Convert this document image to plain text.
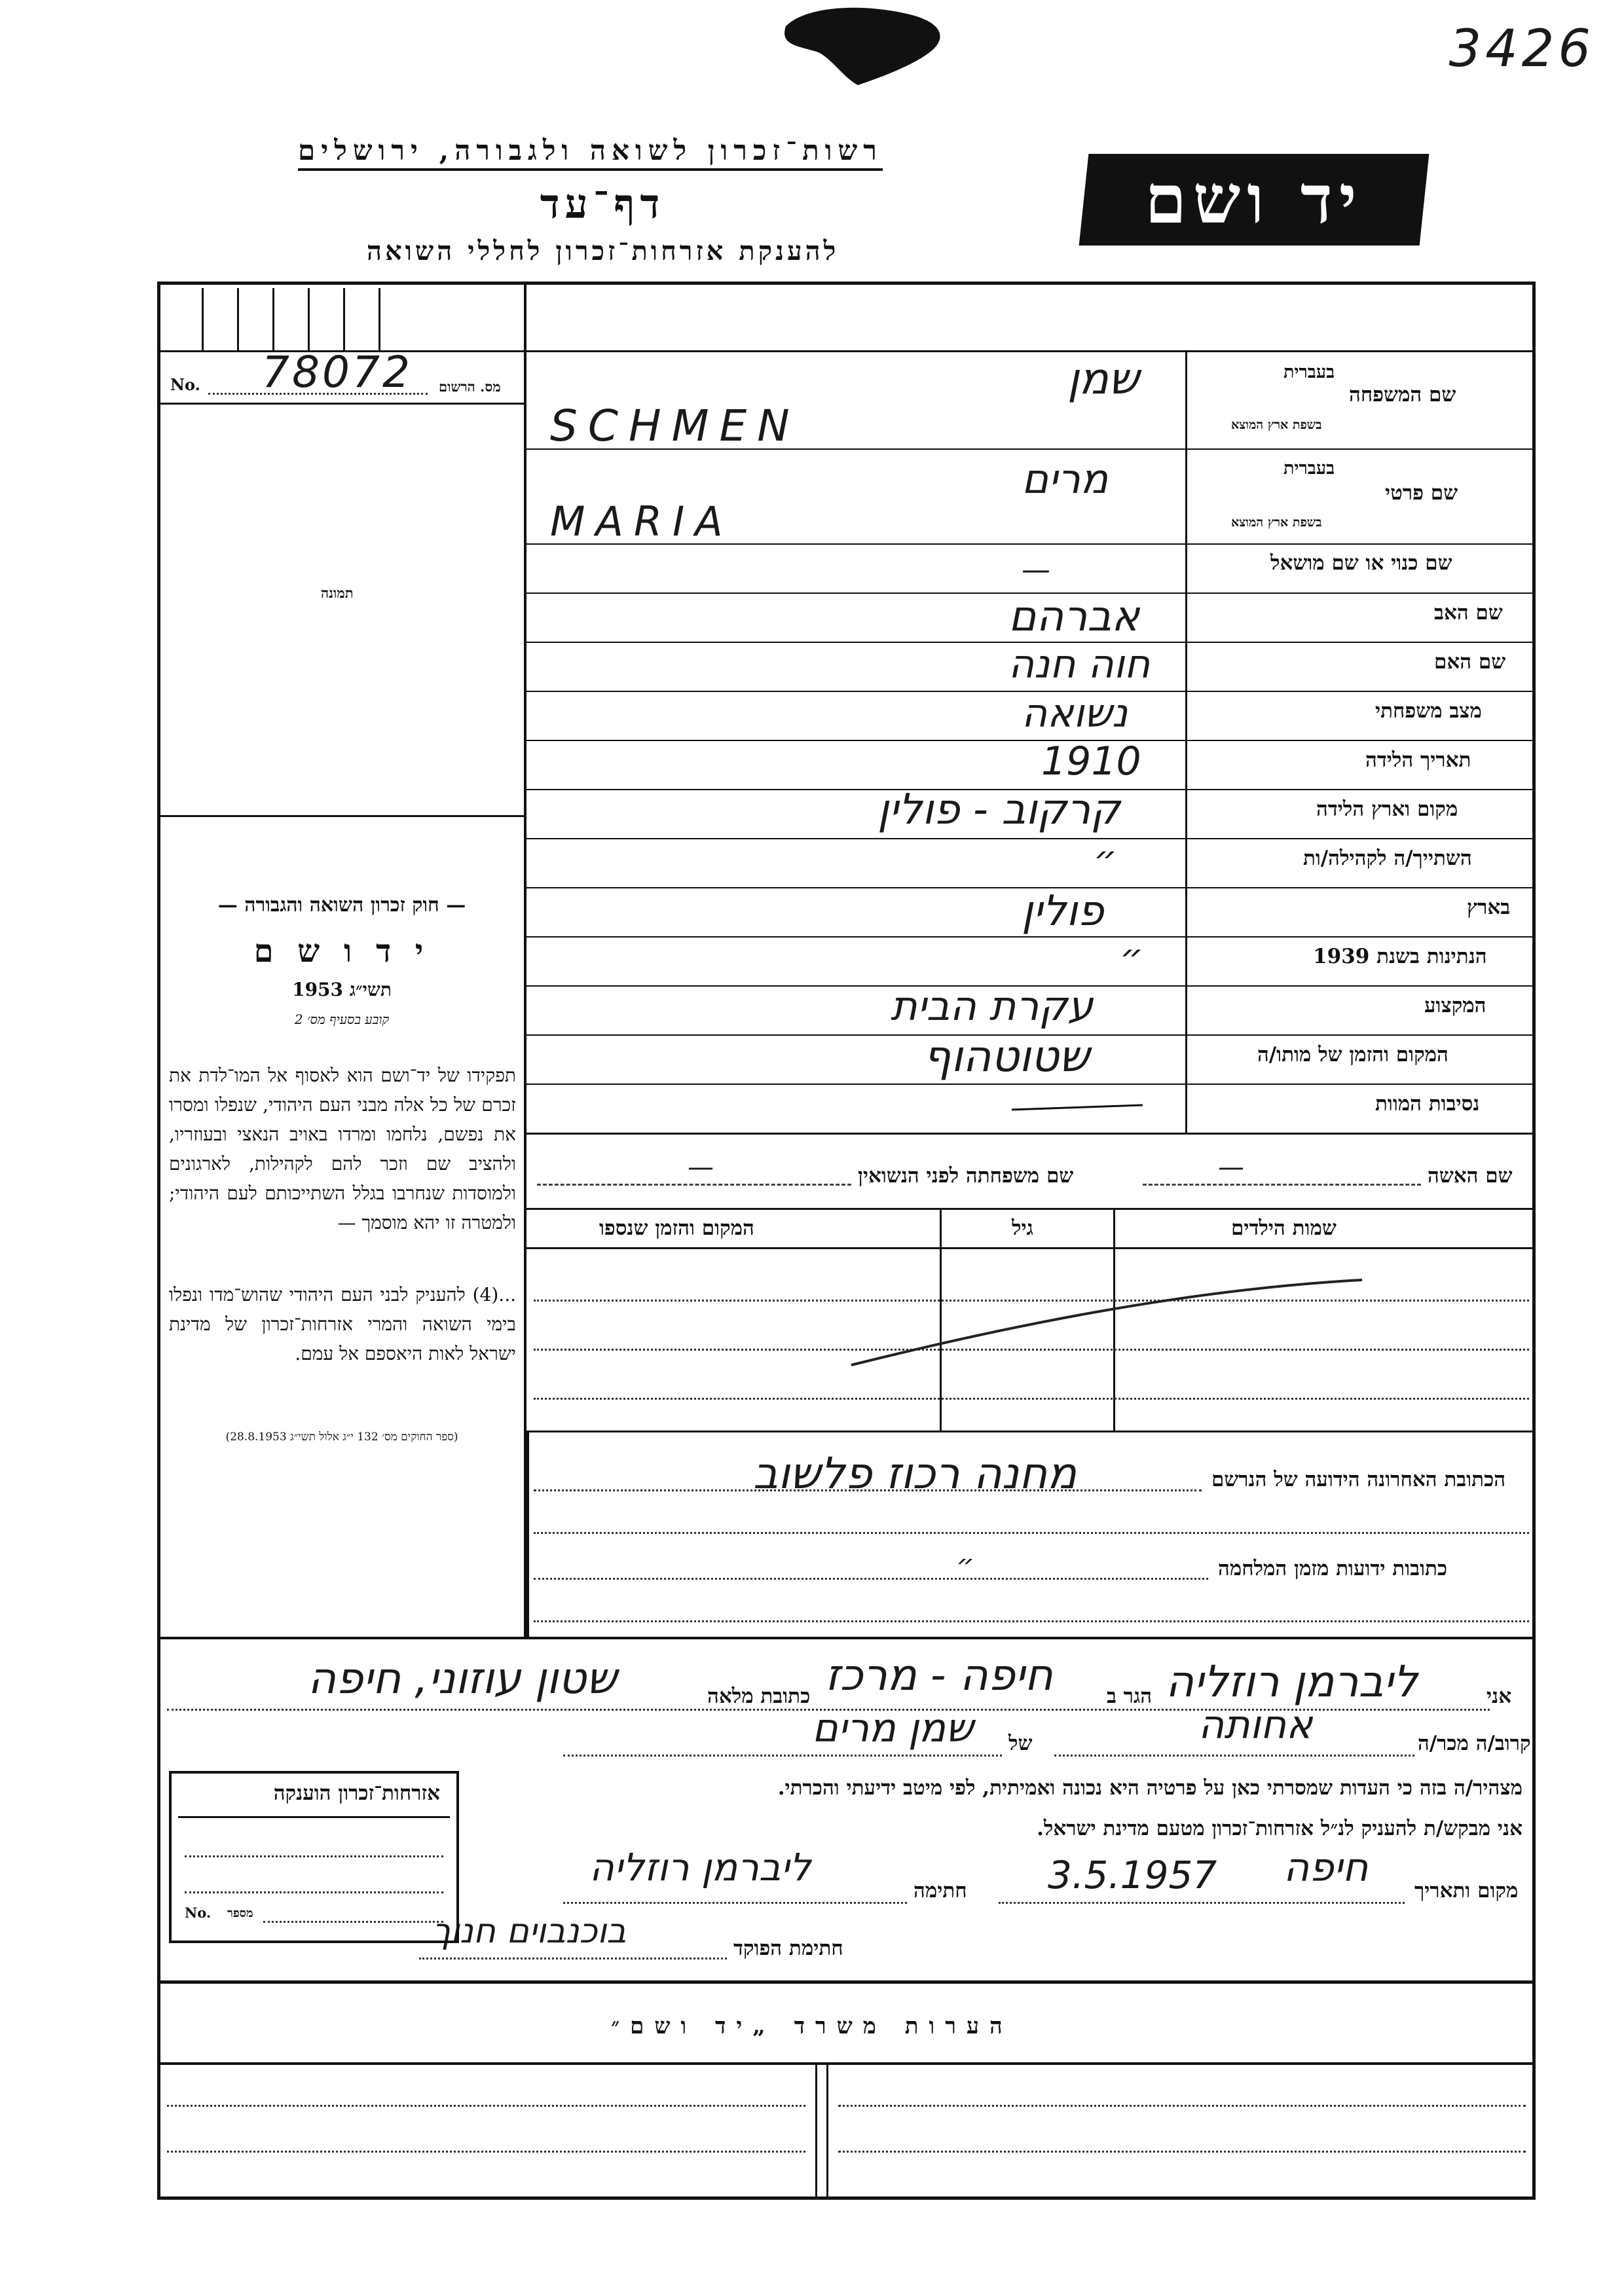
3426
רשות־זכרון לשואה ולגבורה, ירושלים
דף־עד
להענקת אזרחות־זכרון לחללי השואה
יד ושם
No. 78072 מס. הרשום
תמונה
— חוק זכרון השואה והגבורה —
י ד ו ש ם
תשי״ג 1953
קובע בסעיף מס׳ 2
תפקידו של יד־ושם הוא לאסוף אל המו־לדת את זכרם של כל אלה מבני העם היהודי, שנפלו ומסרו את נפשם, נלחמו ומרדו באויב הנאצי ובעוזריו, ולהציב שם וזכר להם לקהילות, לארגונים ולמוסדות שנחרבו בגלל השתייכותם לעם היהודי; ולמטרה זו יהא מוסמך —
...(4) להעניק לבני העם היהודי שהוש־מדו ונפלו בימי השואה והמרי אזרחות־זכרון של מדינת ישראל לאות היאספם אל עמם.
(ספר החוקים מס׳ 132 י״ג אלול תשי״ג 28.8.1953)
שם המשפחה
בעברית
בשפת ארץ המוצא
שמן
SCHMEN
שם פרטי
בעברית
בשפת ארץ המוצא
מרים
MARIA
שם כנוי או שם מושאל
—
שם האב
אברהם
שם האם
חוה חנה
מצב משפחתי
נשואה
תאריך הלידה
1910
מקום וארץ הלידה
קרקוב - פולין
השתייך/ה לקהילה/ות
״
בארץ
פולין
הנתינות בשנת 1939
״
המקצוע
עקרת הבית
המקום והזמן של מותו/ה
שטוטהוף
נסיבות המוות
שם האשה
—
שם משפחתה לפני הנשואין
—
שמות הילדים
גיל
המקום והזמן שנספו
הכתובת האחרונה הידועה של הנרשם
מחנה רכוז פלשוב
כתובות ידועות מזמן המלחמה
״
אני
ליברמן רוזליה
הגר ב
חיפה - מרכז
כתובת מלאה
שטון עוזוני, חיפה
קרוב/ה מכר/ה
אחותה
של
שמן מרים
מצהיר/ה בזה כי העדות שמסרתי כאן על פרטיה היא נכונה ואמיתית, לפי מיטב ידיעתי והכרתי.
אני מבקש/ת להעניק לנ״ל אזרחות־זכרון מטעם מדינת ישראל.
מקום ותאריך
חיפה
3.5.1957
חתימה
ליברמן רוזליה
חתימת הפוקד
בוכנבוים חנוך
אזרחות־זכרון הוענקה
No. מספר
הערות משרד „יד ושם״
